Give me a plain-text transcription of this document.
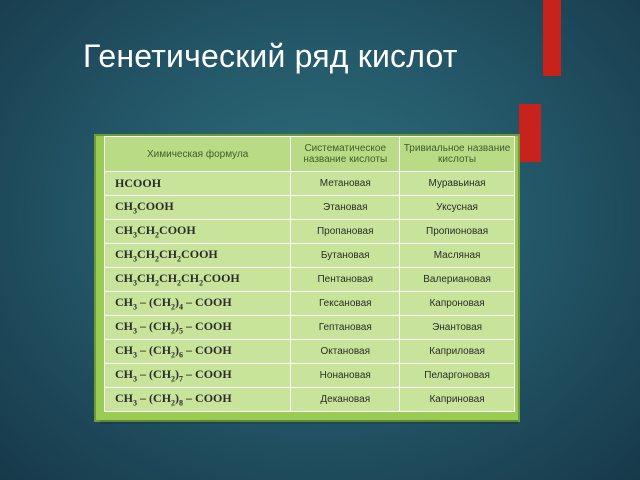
Генетический ряд кислот
Химическая формула	Систематическое название кислоты	Тривиальное название кислоты
HCOOH	Метановая	Муравьиная
$CH_3COOH$	Этановая	Уксусная
$CH_3CH_2COOH$	Пропановая	Пропионовая
$CH_3CH_2CH_2COOH$	Бутановая	Масляная
$CH_3CH_2CH_2CH_2COOH$	Пентановая	Валериановая
$CH_3 - (CH_2)_4$ – COOH	Гексановая	Капроновая
$CH_3 - (CH_2)_5$ – COOH	Гептановая	Энантовая
$CH_3 - (CH_2)_6$ – COOH	Октановая	Каприловая
$CH_3 - (CH_2)_7$ – COOH	Нонановая	Пеларгоновая
$CH_3 - (CH_2)_8$ – COOH	Декановая	Каприновая
